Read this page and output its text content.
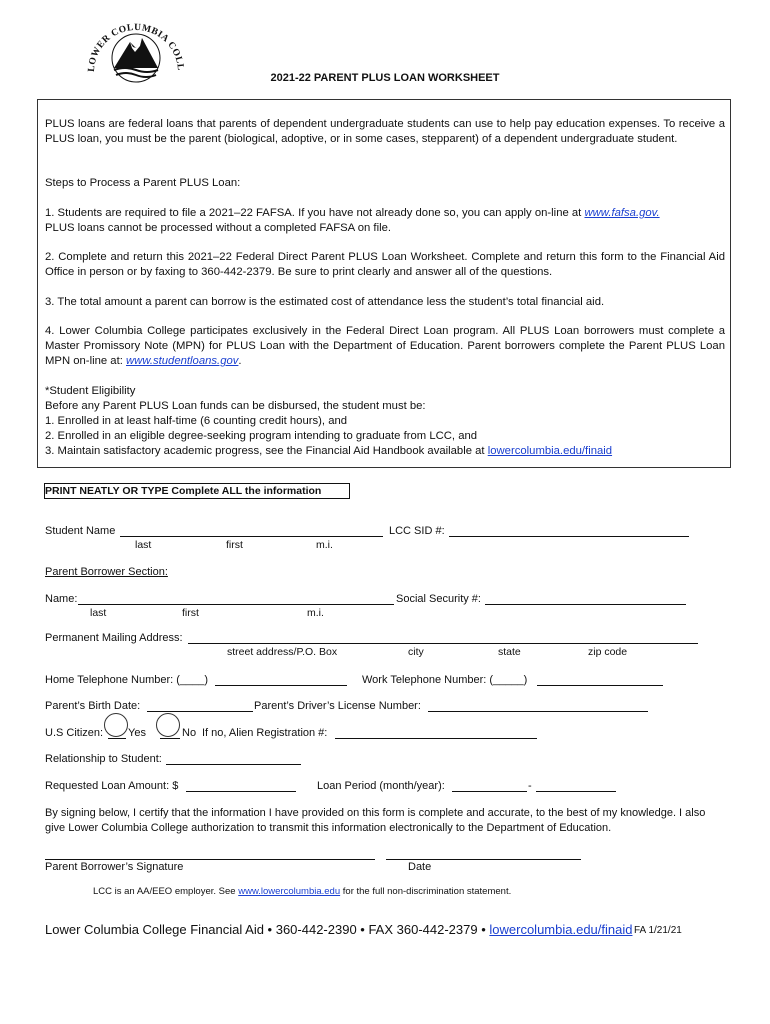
LOWER COLUMBIA COLL
2021-22 PARENT PLUS LOAN WORKSHEET
PLUS loans are federal loans that parents of dependent undergraduate students can use to help pay education expenses. To receive a PLUS loan, you must be the parent (biological, adoptive, or in some cases, stepparent) of a dependent undergraduate student.
Steps to Process a Parent PLUS Loan:
1. Students are required to file a 2021–22 FAFSA. If you have not already done so, you can apply on-line at www.fafsa.gov.
PLUS loans cannot be processed without a completed FAFSA on file.
2. Complete and return this 2021–22 Federal Direct Parent PLUS Loan Worksheet. Complete and return this form to the Financial Aid Office in person or by faxing to 360-442-2379. Be sure to print clearly and answer all of the questions.
3. The total amount a parent can borrow is the estimated cost of attendance less the student’s total financial aid.
4. Lower Columbia College participates exclusively in the Federal Direct Loan program. All PLUS Loan borrowers must complete a Master Promissory Note (MPN) for PLUS Loan with the Department of Education. Parent borrowers complete the Parent PLUS Loan MPN on-line at: www.studentloans.gov.
*Student Eligibility
Before any Parent PLUS Loan funds can be disbursed, the student must be:
1. Enrolled in at least half-time (6 counting credit hours), and
2. Enrolled in an eligible degree-seeking program intending to graduate from LCC, and
3. Maintain satisfactory academic progress, see the Financial Aid Handbook available at lowercolumbia.edu/finaid
PRINT NEATLY OR TYPE Complete ALL the information
Student Name	LCC SID #:
last	first	m.i.
Parent Borrower Section:
Name:	Social Security #:
last	first	m.i.
Permanent Mailing Address:
street address/P.O. Box	city	state	zip code
Home Telephone Number: (____)	Work Telephone Number: (_____)
Parent’s Birth Date:	Parent’s Driver’s License Number:
U.S Citizen: Yes	No If no, Alien Registration #:
Relationship to Student:
Requested Loan Amount: $	Loan Period (month/year):	-
By signing below, I certify that the information I have provided on this form is complete and accurate, to the best of my knowledge. I also give Lower Columbia College authorization to transmit this information electronically to the Department of Education.
Parent Borrower’s Signature	Date
LCC is an AA/EEO employer. See www.lowercolumbia.edu for the full non-discrimination statement.
Lower Columbia College Financial Aid • 360-442-2390 • FAX 360-442-2379 • lowercolumbia.edu/finaid FA 1/21/21
